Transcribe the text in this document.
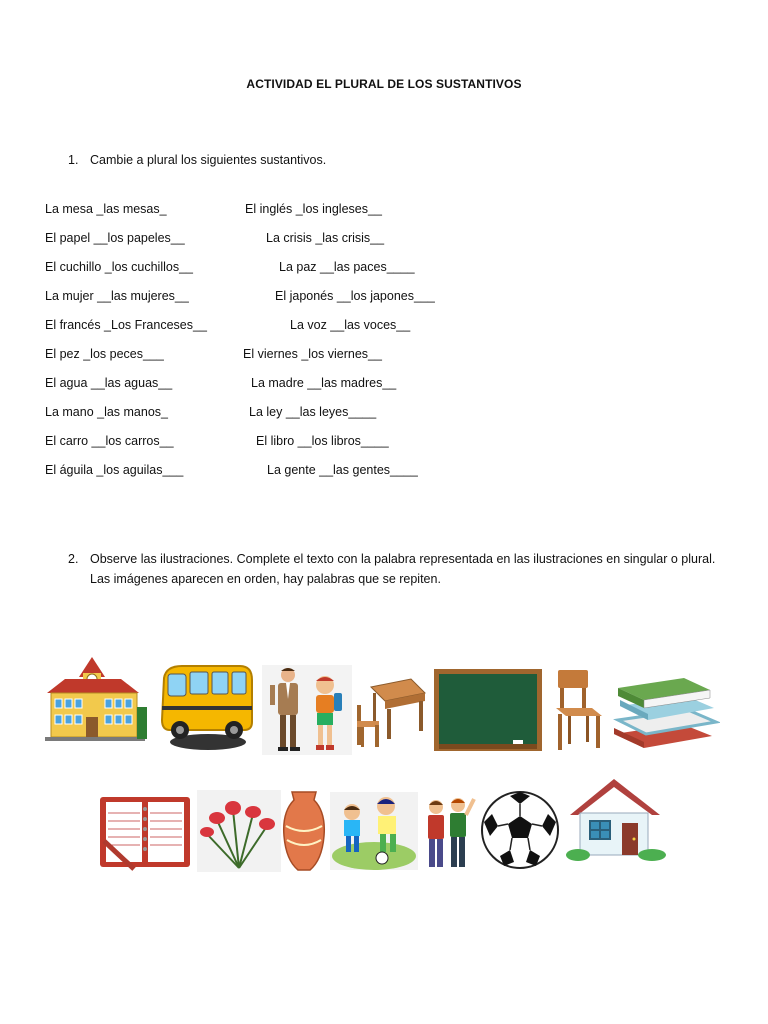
ACTIVIDAD EL PLURAL DE LOS SUSTANTIVOS
1. Cambie a plural los siguientes sustantivos.
La mesa _las mesas_
El papel __los papeles__
El cuchillo _los cuchillos__
La mujer __las mujeres__
El francés _Los Franceses__
El pez _los peces___
El agua __las aguas__
La mano _las manos_
El carro __los carros__
El águila _los aguilas___
El inglés _los ingleses__
La crisis _las crisis__
La paz __las paces____
El japonés __los japones___
La voz __las voces__
El viernes _los viernes__
La madre __las madres__
La ley __las leyes____
El libro __los libros____
La gente __las gentes____
2. Observe las ilustraciones. Complete el texto con la palabra representada en las ilustraciones en singular o plural.
Las imágenes aparecen en orden, hay palabras que se repiten.
